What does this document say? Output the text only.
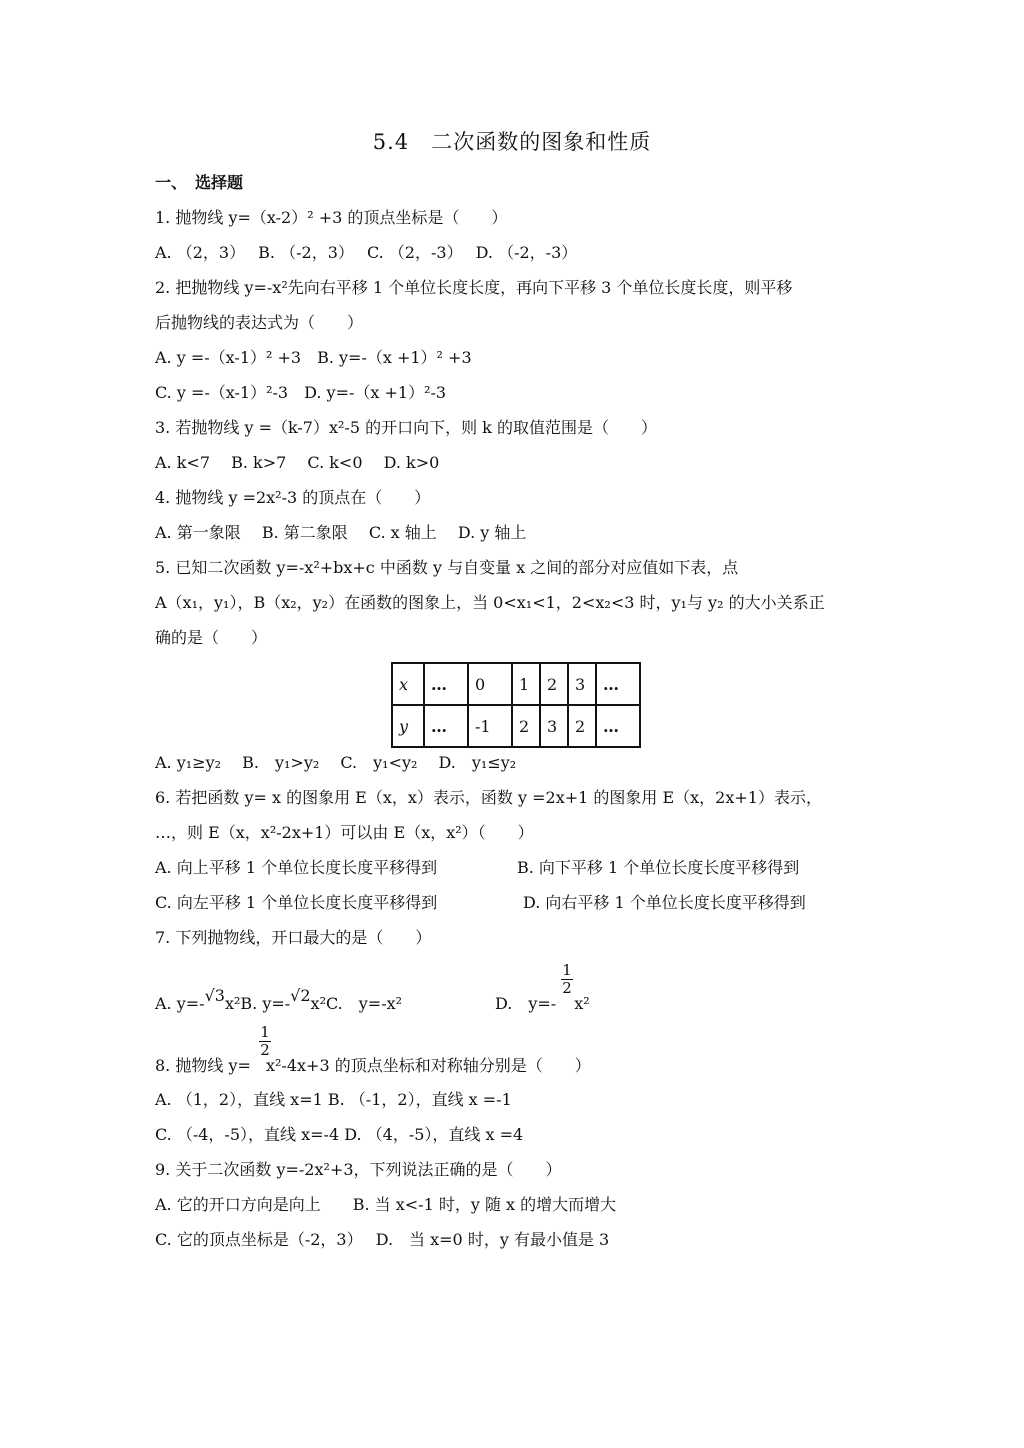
5.4　二次函数的图象和性质
一、　选择题
1. 抛物线 y=（x-2）² +3 的顶点坐标是（　　）
A. （2，3）　 B. （-2，3）　 C. （2，-3）　 D. （-2，-3）
2. 把抛物线 y=-x²先向右平移 1 个单位长度长度，再向下平移 3 个单位长度长度，则平移
后抛物线的表达式为（　　）
A. y =-（x-1）² +3　B. y=-（x +1）² +3
C. y =-（x-1）²-3　D. y=-（x +1）²-3
3. 若抛物线 y =（k-7）x²-5 的开口向下，则 k 的取值范围是（　　）
A. k<7　 B. k>7　 C. k<0　 D. k>0
4. 抛物线 y =2x²-3 的顶点在（　　）
A. 第一象限　 B. 第二象限　 C. x 轴上　 D. y 轴上
5. 已知二次函数 y=-x²+bx+c 中函数 y 与自变量 x 之间的部分对应值如下表，点
A（x₁，y₁），B（x₂，y₂）在函数的图象上，当 0<x₁<1，2<x₂<3 时，y₁与 y₂ 的大小关系正
确的是（　　）
x	…	0	1	2	3	…
y	…	-1	2	3	2	…
A. y₁≥y₂　 B.　y₁>y₂　 C.　y₁<y₂　 D.　y₁≤y₂
6. 若把函数 y= x 的图象用 E（x，x）表示，函数 y =2x+1 的图象用 E（x，2x+1）表示，
…，则 E（x，x²-2x+1）可以由 E（x，x²）（　　）
A. 向上平移 1 个单位长度长度平移得到	B. 向下平移 1 个单位长度长度平移得到
C. 向左平移 1 个单位长度长度平移得到	D. 向右平移 1 个单位长度长度平移得到
7. 下列抛物线，开口最大的是（　　）
A. y=-√3x²B. y=-√2x²C.　y=-x²	D.　y=- x²
$\frac{1}{2}$
8. 抛物线 y= x²-4x+3 的顶点坐标和对称轴分别是（　　）
$\frac{1}{2}$
A. （1，2），直线 x=1 B. （-1，2），直线 x =-1
C. （-4，-5），直线 x=-4 D. （4，-5），直线 x =4
9. 关于二次函数 y=-2x²+3，下列说法正确的是（　　）
A. 它的开口方向是向上　　B. 当 x<-1 时，y 随 x 的增大而增大
C. 它的顶点坐标是（-2，3）　 D.　当 x=0 时，y 有最小值是 3
